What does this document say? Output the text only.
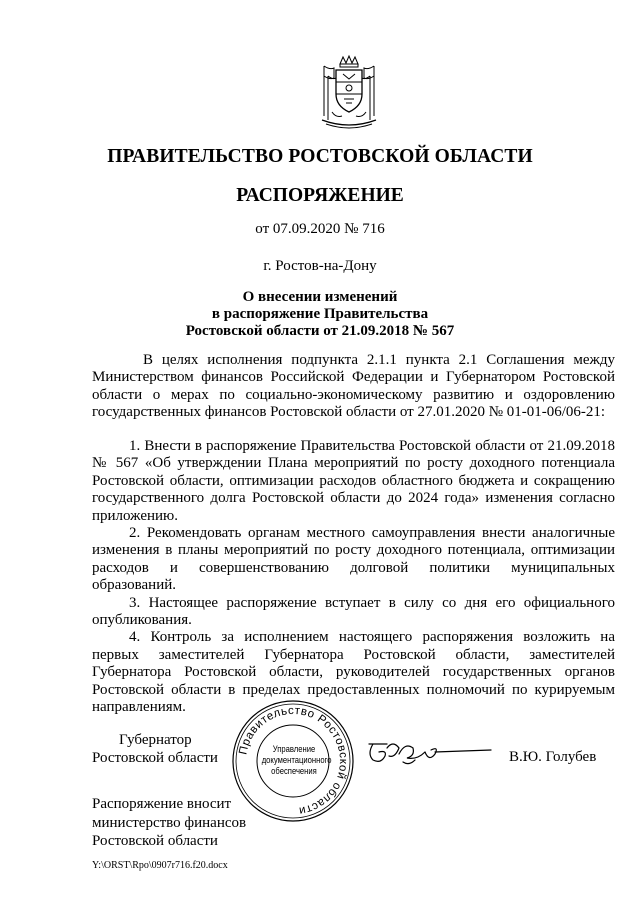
ПРАВИТЕЛЬСТВО РОСТОВСКОЙ ОБЛАСТИ
РАСПОРЯЖЕНИЕ
от 07.09.2020 № 716
г. Ростов-на-Дону
О внесении изменений
в распоряжение Правительства
Ростовской области от 21.09.2018 № 567

В целях исполнения подпункта 2.1.1 пункта 2.1 Соглашения между Министерством финансов Российской Федерации и Губернатором Ростовской области о мерах по социально-экономическому развитию и оздоровлению государственных финансов Ростовской области от 27.01.2020 № 01-01-06/06-21:

1. Внести в распоряжение Правительства Ростовской области от 21.09.2018 № 567 «Об утверждении Плана мероприятий по росту доходного потенциала Ростовской области, оптимизации расходов областного бюджета и сокращению государственного долга Ростовской области до 2024 года» изменения согласно приложению.

2. Рекомендовать органам местного самоуправления внести аналогичные изменения в планы мероприятий по росту доходного потенциала, оптимизации расходов и совершенствованию долговой политики муниципальных образований.

3. Настоящее распоряжение вступает в силу со дня его официального опубликования.

4. Контроль за исполнением настоящего распоряжения возложить на первых заместителей Губернатора Ростовской области, заместителей Губернатора Ростовской области, руководителей государственных органов Ростовской области в пределах предоставленных полномочий по курируемым направлениям.

Губернатор
Ростовской области Правительство Ростовской области
Управление
документационного
обеспечения
В.Ю. Голубев
Распоряжение вносит
министерство финансов
Ростовской области
Y:\ORST\Rpo\0907r716.f20.docx
